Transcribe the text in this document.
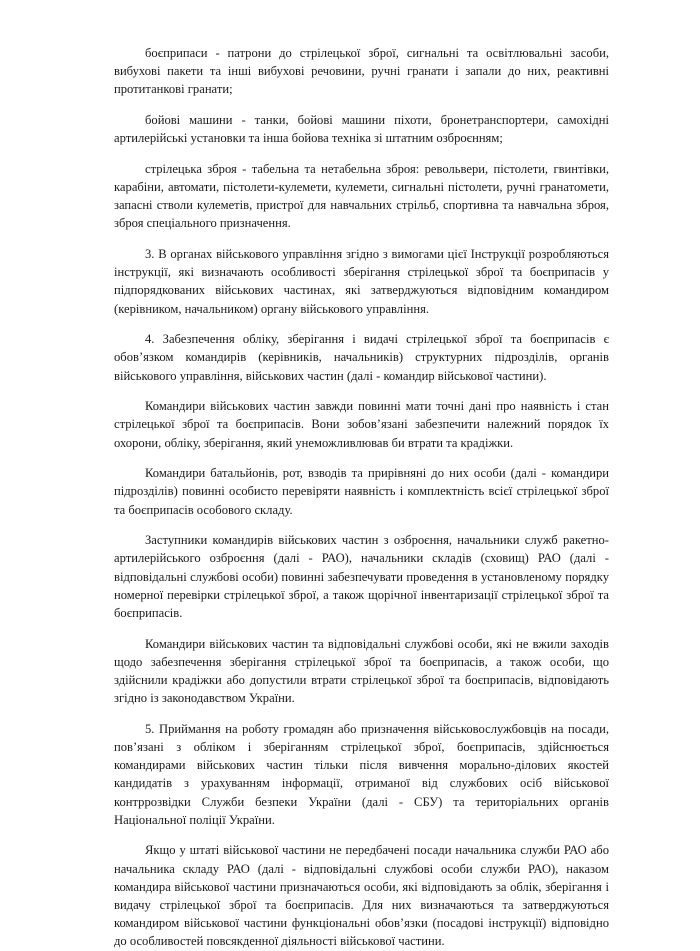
боєприпаси - патрони до стрілецької зброї, сигнальні та освітлювальні засоби, вибухові пакети та інші вибухові речовини, ручні гранати і запали до них, реактивні протитанкові гранати;

бойові машини - танки, бойові машини піхоти, бронетранспортери, самохідні артилерійські установки та інша бойова техніка зі штатним озброєнням;

стрілецька зброя - табельна та нетабельна зброя: револьвери, пістолети, гвинтівки, карабіни, автомати, пістолети-кулемети, кулемети, сигнальні пістолети, ручні гранатомети, запасні стволи кулеметів, пристрої для навчальних стрільб, спортивна та навчальна зброя, зброя спеціального призначення.

3. В органах військового управління згідно з вимогами цієї Інструкції розробляються інструкції, які визначають особливості зберігання стрілецької зброї та боєприпасів у підпорядкованих військових частинах, які затверджуються відповідним командиром (керівником, начальником) органу військового управління.

4. Забезпечення обліку, зберігання і видачі стрілецької зброї та боєприпасів є обов’язком командирів (керівників, начальників) структурних підрозділів, органів військового управління, військових частин (далі - командир військової частини).

Командири військових частин завжди повинні мати точні дані про наявність і стан стрілецької зброї та боєприпасів. Вони зобов’язані забезпечити належний порядок їх охорони, обліку, зберігання, який унеможливлював би втрати та крадіжки.

Командири батальйонів, рот, взводів та прирівняні до них особи (далі - командири підрозділів) повинні особисто перевіряти наявність і комплектність всієї стрілецької зброї та боєприпасів особового складу.

Заступники командирів військових частин з озброєння, начальники служб ракетно-артилерійського озброєння (далі - РАО), начальники складів (сховищ) РАО (далі - відповідальні службові особи) повинні забезпечувати проведення в установленому порядку номерної перевірки стрілецької зброї, а також щорічної інвентаризації стрілецької зброї та боєприпасів.

Командири військових частин та відповідальні службові особи, які не вжили заходів щодо забезпечення зберігання стрілецької зброї та боєприпасів, а також особи, що здійснили крадіжки або допустили втрати стрілецької зброї та боєприпасів, відповідають згідно із законодавством України.

5. Приймання на роботу громадян або призначення військовослужбовців на посади, пов’язані з обліком і зберіганням стрілецької зброї, боєприпасів, здійснюється командирами військових частин тільки після вивчення морально-ділових якостей кандидатів з урахуванням інформації, отриманої від службових осіб військової контррозвідки Служби безпеки України (далі - СБУ) та територіальних органів Національної поліції України.

Якщо у штаті військової частини не передбачені посади начальника служби РАО або начальника складу РАО (далі - відповідальні службові особи служби РАО), наказом командира військової частини призначаються особи, які відповідають за облік, зберігання і видачу стрілецької зброї та боєприпасів. Для них визначаються та затверджуються командиром військової частини функціональні обов’язки (посадові інструкції) відповідно до особливостей повсякденної діяльності військової частини.
